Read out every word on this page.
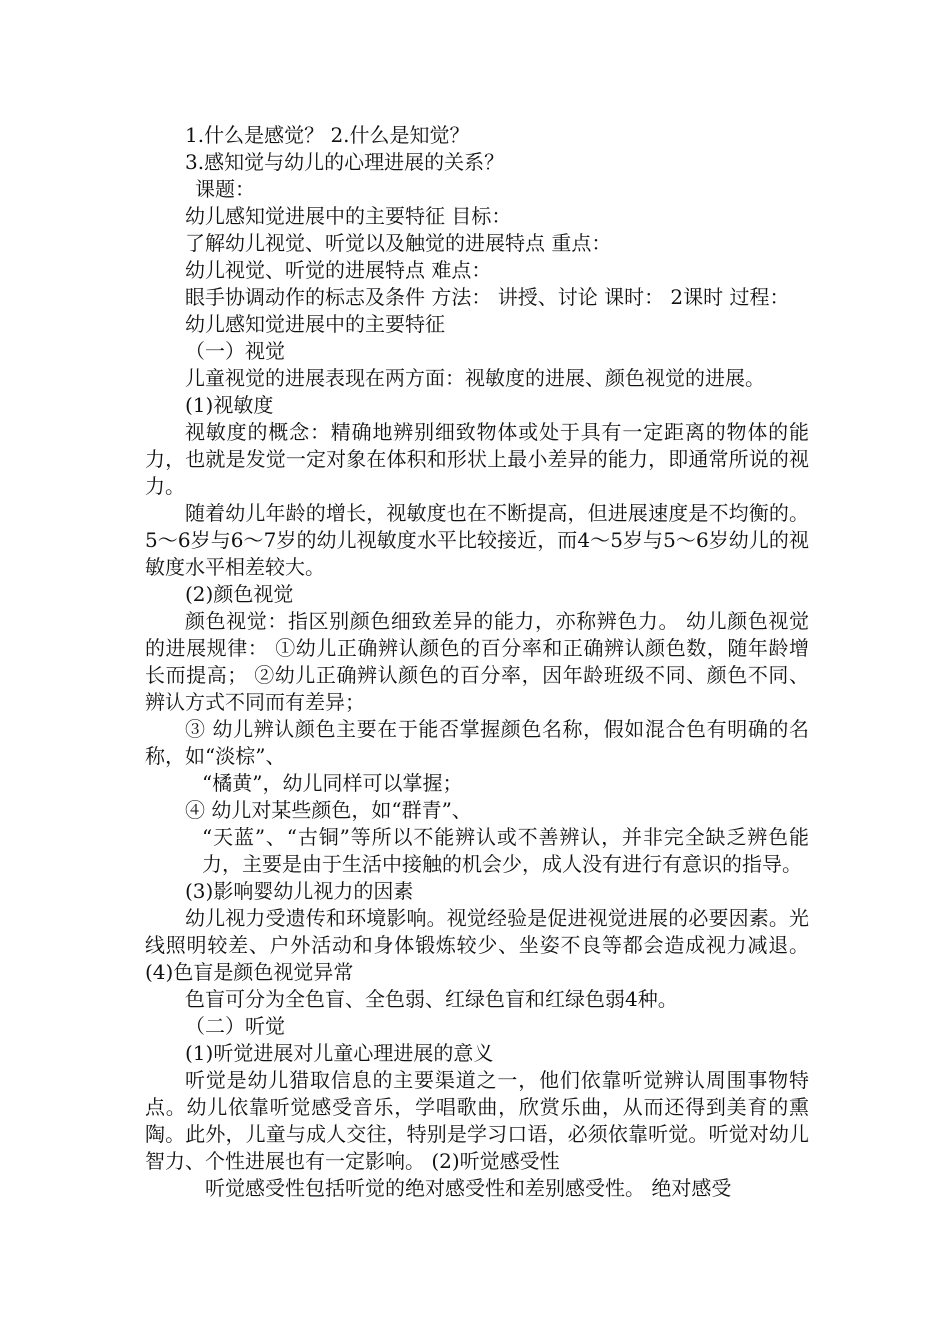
1.什么是感觉？ 2.什么是知觉？

3.感知觉与幼儿的心理进展的关系？

课题：

幼儿感知觉进展中的主要特征 目标：

了解幼儿视觉、听觉以及触觉的进展特点 重点：

幼儿视觉、听觉的进展特点 难点：

眼手协调动作的标志及条件 方法： 讲授、讨论 课时： 2课时 过程：

幼儿感知觉进展中的主要特征

（一）视觉

儿童视觉的进展表现在两方面：视敏度的进展、颜色视觉的进展。

(1)视敏度

视敏度的概念：精确地辨别细致物体或处于具有一定距离的物体的能力，也就是发觉一定对象在体积和形状上最小差异的能力，即通常所说的视力。

随着幼儿年龄的增长，视敏度也在不断提高，但进展速度是不均衡的。5～6岁与6～7岁的幼儿视敏度水平比较接近，而4～5岁与5～6岁幼儿的视敏度水平相差较大。

(2)颜色视觉

颜色视觉：指区别颜色细致差异的能力，亦称辨色力。 幼儿颜色视觉的进展规律： ①幼儿正确辨认颜色的百分率和正确辨认颜色数，随年龄增长而提高； ②幼儿正确辨认颜色的百分率，因年龄班级不同、颜色不同、辨认方式不同而有差异；

③ 幼儿辨认颜色主要在于能否掌握颜色名称，假如混合色有明确的名称，如“淡棕”、

“橘黄”，幼儿同样可以掌握；

④ 幼儿对某些颜色，如“群青”、

“天蓝”、“古铜”等所以不能辨认或不善辨认，并非完全缺乏辨色能力，主要是由于生活中接触的机会少，成人没有进行有意识的指导。

(3)影响婴幼儿视力的因素

幼儿视力受遗传和环境影响。视觉经验是促进视觉进展的必要因素。光线照明较差、户外活动和身体锻炼较少、坐姿不良等都会造成视力减退。 (4)色盲是颜色视觉异常

色盲可分为全色盲、全色弱、红绿色盲和红绿色弱4种。

（二）听觉

(1)听觉进展对儿童心理进展的意义

听觉是幼儿猎取信息的主要渠道之一，他们依靠听觉辨认周围事物特点。幼儿依靠听觉感受音乐，学唱歌曲，欣赏乐曲，从而还得到美育的熏陶。此外，儿童与成人交往，特别是学习口语，必须依靠听觉。听觉对幼儿智力、个性进展也有一定影响。 (2)听觉感受性

听觉感受性包括听觉的绝对感受性和差别感受性。 绝对感受
